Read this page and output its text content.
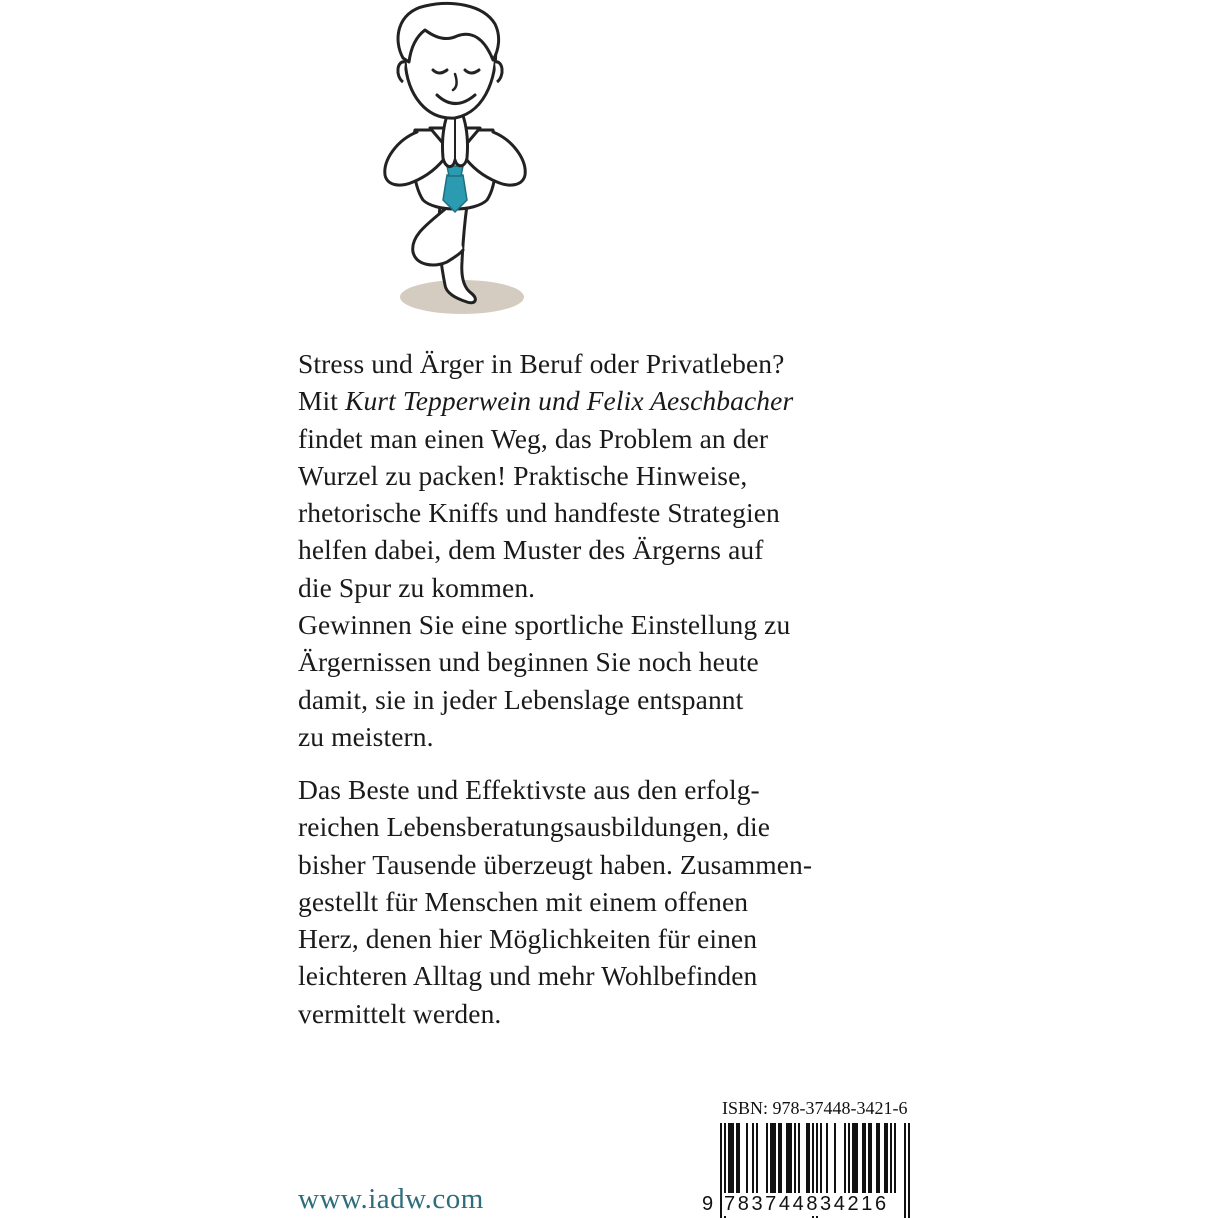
Stress und Ärger in Beruf oder Privatleben?
Mit Kurt Tepperwein und Felix Aeschbacher
findet man einen Weg, das Problem an der
Wurzel zu packen! Praktische Hinweise,
rhetorische Kniffs und handfeste Strategien
helfen dabei, dem Muster des Ärgerns auf
die Spur zu kommen.
Gewinnen Sie eine sportliche Einstellung zu
Ärgernissen und beginnen Sie noch heute
damit, sie in jeder Lebenslage entspannt
zu meistern.

Das Beste und Effektivste aus den erfolg-
reichen Lebensberatungsausbildungen, die
bisher Tausende überzeugt haben. Zusammen-
gestellt für Menschen mit einem offenen
Herz, denen hier Möglichkeiten für einen
leichteren Alltag und mehr Wohlbefinden
vermittelt werden.

www.iadw.com
ISBN: 978-37448-3421-6
9 783744834216
